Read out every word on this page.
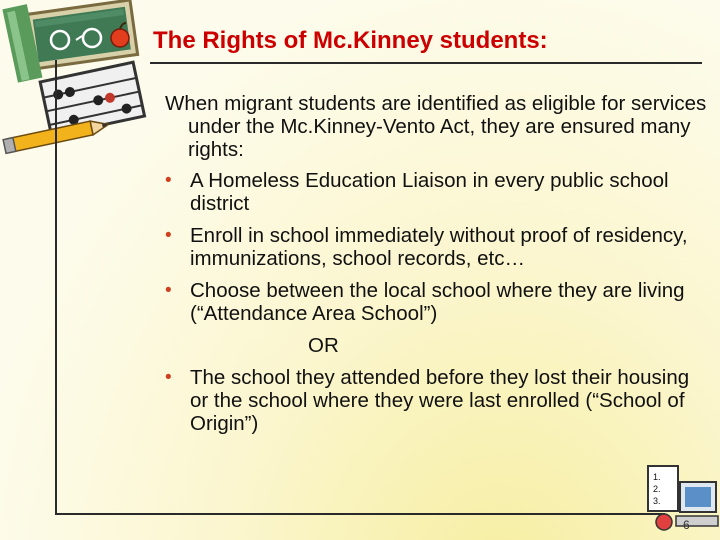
The Rights of Mc.Kinney students:

When migrant students are identified as eligible for services under the Mc.Kinney-Vento Act, they are ensured many rights:

• A Homeless Education Liaison in every public school district
• Enroll in school immediately without proof of residency, immunizations, school records, etc…
• Choose between the local school where they are living (“Attendance Area School”)
OR
• The school they attended before they lost their housing or the school where they were last enrolled (“School of Origin”)
1.
2.
3.
6
